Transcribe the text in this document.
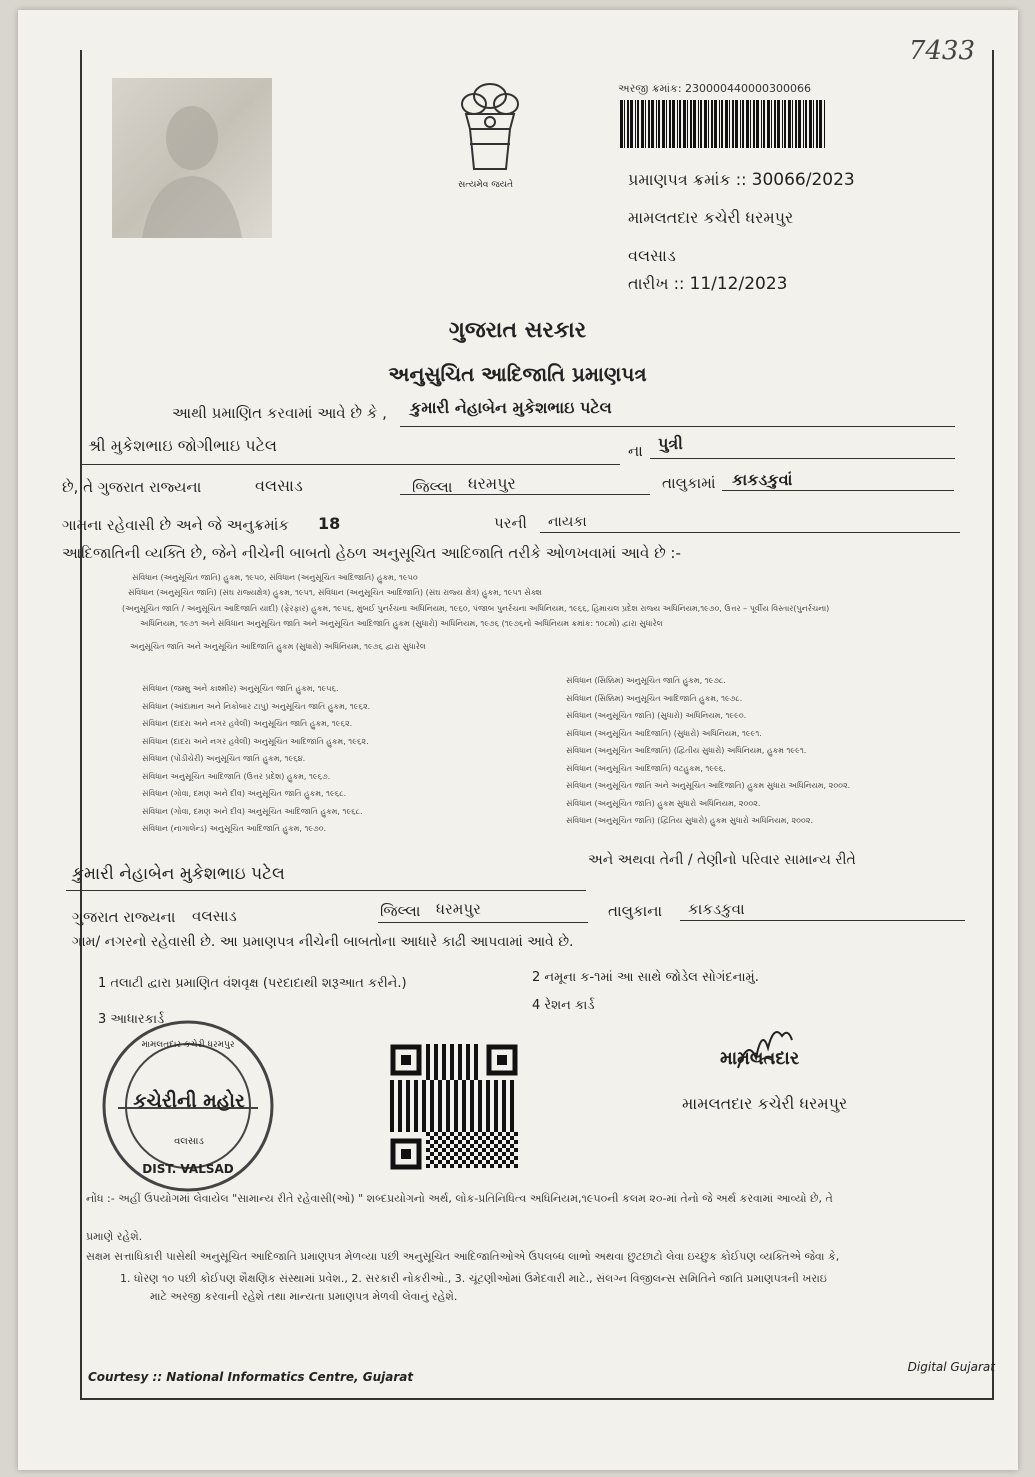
7433
સત્યમેવ જયતે
અરજી ક્રમાંક: 230000440000300066
પ્રમાણપત્ર ક્રમાંક :: 30066/2023
મામલતદાર કચેરી ધરમપુર
વલસાડ
તારીખ :: 11/12/2023
ગુજરાત સરકાર
અનુસુચિત આદિજાતિ પ્રમાણપત્ર
આથી પ્રમાણિત કરવામાં આવે છે કે , કુમારી નેહાબેન મુકેશભાઇ પટેલ
શ્રી મુકેશભાઇ જોગીભાઇ પટેલ	ના પુત્રી
છે, તે ગુજરાત રાજ્યના	વલસાડ	જિલ્લા ધરમપુર	તાલુકામાં કાકડકુવાં
ગામના રહેવાસી છે અને જે અનુક્રમાંક 18	પરની નાયકા
આદિજાતિની વ્યક્તિ છે, જેને નીચેની બાબતો હેઠળ અનુસૂચિત આદિજાતિ તરીકે ઓળખવામાં આવે છે :-
સંવિધાન (અનુસૂચિત જાતિ) હુકમ, ૧૯૫૦, સંવિધાન (અનુસૂચિત આદિજાતિ) હુકમ, ૧૯૫૦
સંવિધાન (અનુસૂચિત જાતિ) (સંઘ રાજ્યક્ષેત્ર) હુકમ, ૧૯૫૧, સંવિધાન (અનુસૂચિત આદિજાતિ) (સંઘ રાજ્ય ક્ષેત્ર) હુકમ, ૧૯૫૧ સેક્શ
(અનુસૂચિત જાતિ / અનુસૂચિત આદિજાતિ યાદી) (ફેરફાર) હુકમ, ૧૯૫૬, મુંબઈ પુનર્રચના અધિનિયમ, ૧૯૬૦, પંજાબ પુનર્રચના અધિનિયમ, ૧૯૬૬, હિમાચલ પ્રદેશ રાજ્ય અધિનિયમ,૧૯૭૦, ઉત્તર – પૂર્વીય વિસ્તાર(પુનર્રચના)
અધિનિયમ, ૧૯૭૧ અને સંવિધાન અનુસૂચિત જાતિ અને અનુસૂચિત આદિજાતિ હુકમ (સુધારો) અધિનિયમ, ૧૯૭૬ (૧૯૭૬નો અધિનિયમ ક્રમાંક: ૧૦૮મો) દ્વારા સુધારેલ
અનુસૂચિત જાતિ અને અનુસૂચિત આદિજાતિ હુકમ (સુધારો) અધિનિયમ, ૧૯૭૬ દ્વારા સુધારેલ
સંવિધાન (જમ્મુ અને કાશ્મીર) અનુસૂચિત જાતિ હુકમ, ૧૯૫૬.
સંવિધાન (આંદામાન અને નિકોબાર ટાપુ) અનુસૂચિત જાતિ હુકમ, ૧૯૬૨.
સંવિધાન (દાદરા અને નગર હવેલી) અનુસૂચિત જાતિ હુકમ, ૧૯૬૨.
સંવિધાન (દાદરા અને નગર હવેલી) અનુસૂચિત આદિજાતિ હુકમ, ૧૯૬૨.
સંવિધાન (પોંડીચેરી) અનુસૂચિત જાતિ હુકમ, ૧૯૬૪.
સંવિધાન અનુસૂચિત આદિજાતિ (ઉત્તર પ્રદેશ) હુકમ, ૧૯૬૭.
સંવિધાન (ગોવા, દમણ અને દીવ) અનુસૂચિત જાતિ હુકમ, ૧૯૬૮.
સંવિધાન (ગોવા, દમણ અને દીવ) અનુસૂચિત આદિજાતિ હુકમ, ૧૯૬૮.
સંવિધાન (નાગાલેન્ડ) અનુસૂચિત આદિજાતિ હુકમ, ૧૯૭૦.
સંવિધાન (સિક્કિમ) અનુસૂચિત જાતિ હુકમ, ૧૯૭૮.
સંવિધાન (સિક્કિમ) અનુસૂચિત આદિજાતિ હુકમ, ૧૯૭૮.
સંવિધાન (અનુસૂચિત જાતિ) (સુધારો) અધિનિયમ, ૧૯૯૦.
સંવિધાન (અનુસૂચિત આદિજાતિ) (સુધારો) અધિનિયમ, ૧૯૯૧.
સંવિધાન (અનુસૂચિત આદિજાતિ) (દ્વિતીય સુધારો) અધિનિયમ, હુકમ ૧૯૯૧.
સંવિધાન (અનુસૂચિત આદિજાતિ) વટહુકમ, ૧૯૯૬.
સંવિધાન (અનુસૂચિત જાતિ અને અનુસૂચિત આદિજાતિ) હુકમ સુધારા અધિનિયમ, ૨૦૦૨.
સંવિધાન (અનુસૂચિત જાતિ) હુકમ સુધારો અધિનિયમ, ૨૦૦૨.
સંવિધાન (અનુસૂચિત જાતિ) (દ્વિતિય સુધારો) હુકમ સુધારો અધિનિયમ, ૨૦૦૨.
કુમારી નેહાબેન મુકેશભાઇ પટેલ
અને અથવા તેની / તેણીનો પરિવાર સામાન્ય રીતે
ગુજરાત રાજ્યના વલસાડ	જિલ્લા ધરમપુર	તાલુકાના કાકડકુવા
ગામ/ નગરનો રહેવાસી છે. આ પ્રમાણપત્ર નીચેની બાબતોના આધારે કાઢી આપવામાં આવે છે.
1 તલાટી દ્વારા પ્રમાણિત વંશવૃક્ષ (પરદાદાથી શરૂઆત કરીને.)	2 નમૂના ક-૧માં આ સાથે જોડેલ સોગંદનામું.
3 આધારકાર્ડ
4 રેશન કાર્ડ
મામલતદાર કચેરી ધરમપુર
કચેરીની મહોર
વલસાડ
DIST. VALSAD
મામલતદાર
મામલતદાર કચેરી ધરમપુર
નોંધ :- અહીં ઉપયોગમાં લેવાયેલ "સામાન્ય રીતે રહેવાસી(ઓ) " શબ્દપ્રયોગનો અર્થ, લોક-પ્રતિનિધિત્વ અધિનિયમ,૧૯૫૦ની કલમ ૨૦-માં તેનો જે અર્થ કરવામાં આવ્યો છે, તે
પ્રમાણે રહેશે.
સક્ષમ સત્તાધિકારી પાસેથી અનુસૂચિત આદિજાતિ પ્રમાણપત્ર મેળવ્યા પછી અનુસૂચિત આદિજાતિઓએ ઉપલબ્ધ લાભો અથવા છુટછાટો લેવા ઇચ્છુક કોઈપણ વ્યક્તિએ જેવા કે,
1. ધોરણ ૧૦ પછી કોઈપણ શૈક્ષણિક સંસ્થામાં પ્રવેશ., 2. સરકારી નોકરીઓ., 3. ચૂંટણીઓમાં ઉમેદવારી માટે., સંલગ્ન વિજીલન્સ સમિતિને જાતિ પ્રમાણપત્રની ખરાઇ
માટે અરજી કરવાની રહેશે તથા માન્યતા પ્રમાણપત્ર મેળવી લેવાનું રહેશે.
Courtesy :: National Informatics Centre, Gujarat
Digital Gujarat
